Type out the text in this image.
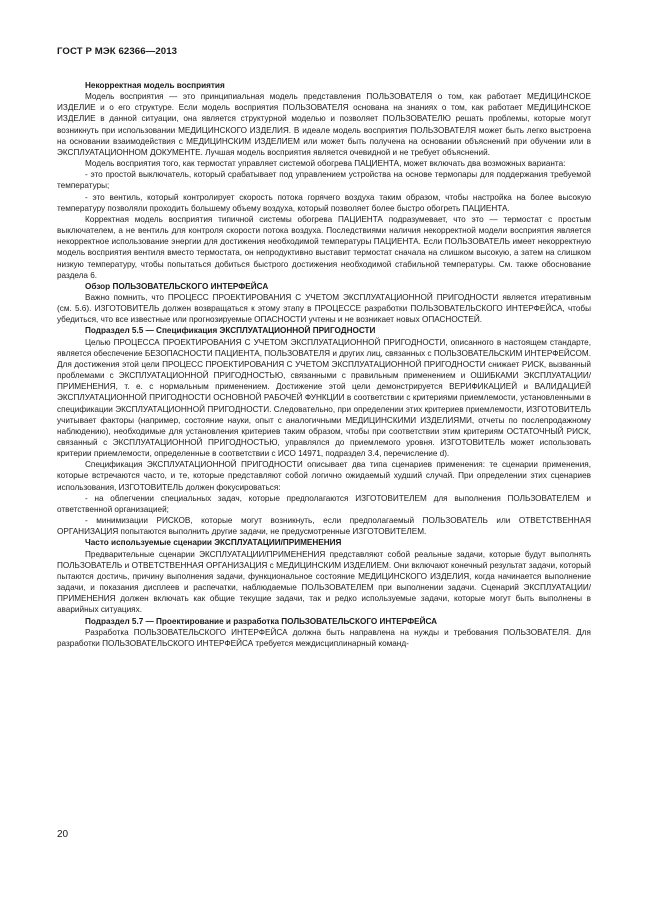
ГОСТ Р МЭК 62366—2013

Некорректная модель восприятия

Модель восприятия — это принципиальная модель представления ПОЛЬЗОВАТЕЛЯ о том, как работает МЕДИЦИНСКОЕ ИЗДЕЛИЕ и о его структуре. Если модель восприятия ПОЛЬЗОВАТЕЛЯ основана на знаниях о том, как работает МЕДИЦИНСКОЕ ИЗДЕЛИЕ в данной ситуации, она является структурной моделью и позволяет ПОЛЬЗОВАТЕЛЮ решать проблемы, которые могут возникнуть при использовании МЕДИЦИНСКОГО ИЗДЕЛИЯ. В идеале модель восприятия ПОЛЬЗОВАТЕЛЯ может быть легко выстроена на основании взаимодействия с МЕДИЦИНСКИМ ИЗДЕЛИЕМ или может быть получена на основании объяснений при обучении или в ЭКСПЛУАТАЦИОННОМ ДОКУМЕНТЕ. Лучшая модель восприятия является очевидной и не требует объяснений.

Модель восприятия того, как термостат управляет системой обогрева ПАЦИЕНТА, может включать два возможных варианта:

- это простой выключатель, который срабатывает под управлением устройства на основе термопары для поддержания требуемой температуры;

- это вентиль, который контролирует скорость потока горячего воздуха таким образом, чтобы настройка на более высокую температуру позволяли проходить большему объему воздуха, который позволяет более быстро обогреть ПАЦИЕНТА.

Корректная модель восприятия типичной системы обогрева ПАЦИЕНТА подразумевает, что это — термостат с простым выключателем, а не вентиль для контроля скорости потока воздуха. Последствиями наличия некорректной модели восприятия является некорректное использование энергии для достижения необходимой температуры ПАЦИЕНТА. Если ПОЛЬЗОВАТЕЛЬ имеет некорректную модель восприятия вентиля вместо термостата, он непродуктивно выставит термостат сначала на слишком высокую, а затем на слишком низкую температуру, чтобы попытаться добиться быстрого достижения необходимой стабильной температуры. См. также обоснование раздела 6.

Обзор ПОЛЬЗОВАТЕЛЬСКОГО ИНТЕРФЕЙСА

Важно помнить, что ПРОЦЕСС ПРОЕКТИРОВАНИЯ С УЧЕТОМ ЭКСПЛУАТАЦИОННОЙ ПРИГОДНОСТИ является итеративным (см. 5.6). ИЗГОТОВИТЕЛЬ должен возвращаться к этому этапу в ПРОЦЕССЕ разработки ПОЛЬЗОВАТЕЛЬСКОГО ИНТЕРФЕЙСА, чтобы убедиться, что все известные или прогнозируемые ОПАСНОСТИ учтены и не возникает новых ОПАСНОСТЕЙ.

Подраздел 5.5 — Спецификация ЭКСПЛУАТАЦИОННОЙ ПРИГОДНОСТИ

Целью ПРОЦЕССА ПРОЕКТИРОВАНИЯ С УЧЕТОМ ЭКСПЛУАТАЦИОННОЙ ПРИГОДНОСТИ, описанного в настоящем стандарте, является обеспечение БЕЗОПАСНОСТИ ПАЦИЕНТА, ПОЛЬЗОВАТЕЛЯ и других лиц, связанных с ПОЛЬЗОВАТЕЛЬСКИМ ИНТЕРФЕЙСОМ. Для достижения этой цели ПРОЦЕСС ПРОЕКТИРОВАНИЯ С УЧЕТОМ ЭКСПЛУАТАЦИОННОЙ ПРИГОДНОСТИ снижает РИСК, вызванный проблемами с ЭКСПЛУАТАЦИОННОЙ ПРИГОДНОСТЬЮ, связанными с правильным применением и ОШИБКАМИ ЭКСПЛУАТАЦИИ/ПРИМЕНЕНИЯ, т. е. с нормальным применением. Достижение этой цели демонстрируется ВЕРИФИКАЦИЕЙ и ВАЛИДАЦИЕЙ ЭКСПЛУАТАЦИОННОЙ ПРИГОДНОСТИ ОСНОВНОЙ РАБОЧЕЙ ФУНКЦИИ в соответствии с критериями приемлемости, установленными в спецификации ЭКСПЛУАТАЦИОННОЙ ПРИГОДНОСТИ. Следовательно, при определении этих критериев приемлемости, ИЗГОТОВИТЕЛЬ учитывает факторы (например, состояние науки, опыт с аналогичными МЕДИЦИНСКИМИ ИЗДЕЛИЯМИ, отчеты по послепродажному наблюдению), необходимые для установления критериев таким образом, чтобы при соответствии этим критериям ОСТАТОЧНЫЙ РИСК, связанный с ЭКСПЛУАТАЦИОННОЙ ПРИГОДНОСТЬЮ, управлялся до приемлемого уровня. ИЗГОТОВИТЕЛЬ может использовать критерии приемлемости, определенные в соответствии с ИСО 14971, подраздел 3.4, перечисление d).

Спецификация ЭКСПЛУАТАЦИОННОЙ ПРИГОДНОСТИ описывает два типа сценариев применения: те сценарии применения, которые встречаются часто, и те, которые представляют собой логично ожидаемый худший случай. При определении этих сценариев использования, ИЗГОТОВИТЕЛЬ должен фокусироваться:

- на облегчении специальных задач, которые предполагаются ИЗГОТОВИТЕЛЕМ для выполнения ПОЛЬЗОВАТЕЛЕМ и ответственной организацией;

- минимизации РИСКОВ, которые могут возникнуть, если предполагаемый ПОЛЬЗОВАТЕЛЬ или ОТВЕТСТВЕННАЯ ОРГАНИЗАЦИЯ попытаются выполнить другие задачи, не предусмотренные ИЗГОТОВИТЕЛЕМ.

Часто используемые сценарии ЭКСПЛУАТАЦИИ/ПРИМЕНЕНИЯ

Предварительные сценарии ЭКСПЛУАТАЦИИ/ПРИМЕНЕНИЯ представляют собой реальные задачи, которые будут выполнять ПОЛЬЗОВАТЕЛЬ и ОТВЕТСТВЕННАЯ ОРГАНИЗАЦИЯ с МЕДИЦИНСКИМ ИЗДЕЛИЕМ. Они включают конечный результат задачи, который пытаются достичь, причину выполнения задачи, функциональное состояние МЕДИЦИНСКОГО ИЗДЕЛИЯ, когда начинается выполнение задачи, и показания дисплеев и распечатки, наблюдаемые ПОЛЬЗОВАТЕЛЕМ при выполнении задачи. Сценарий ЭКСПЛУАТАЦИИ/ПРИМЕНЕНИЯ должен включать как общие текущие задачи, так и редко используемые задачи, которые могут быть выполнены в аварийных ситуациях.

Подраздел 5.7 — Проектирование и разработка ПОЛЬЗОВАТЕЛЬСКОГО ИНТЕРФЕЙСА

Разработка ПОЛЬЗОВАТЕЛЬСКОГО ИНТЕРФЕЙСА должна быть направлена на нужды и требования ПОЛЬЗОВАТЕЛЯ. Для разработки ПОЛЬЗОВАТЕЛЬСКОГО ИНТЕРФЕЙСА требуется междисциплинарный команд-

20
